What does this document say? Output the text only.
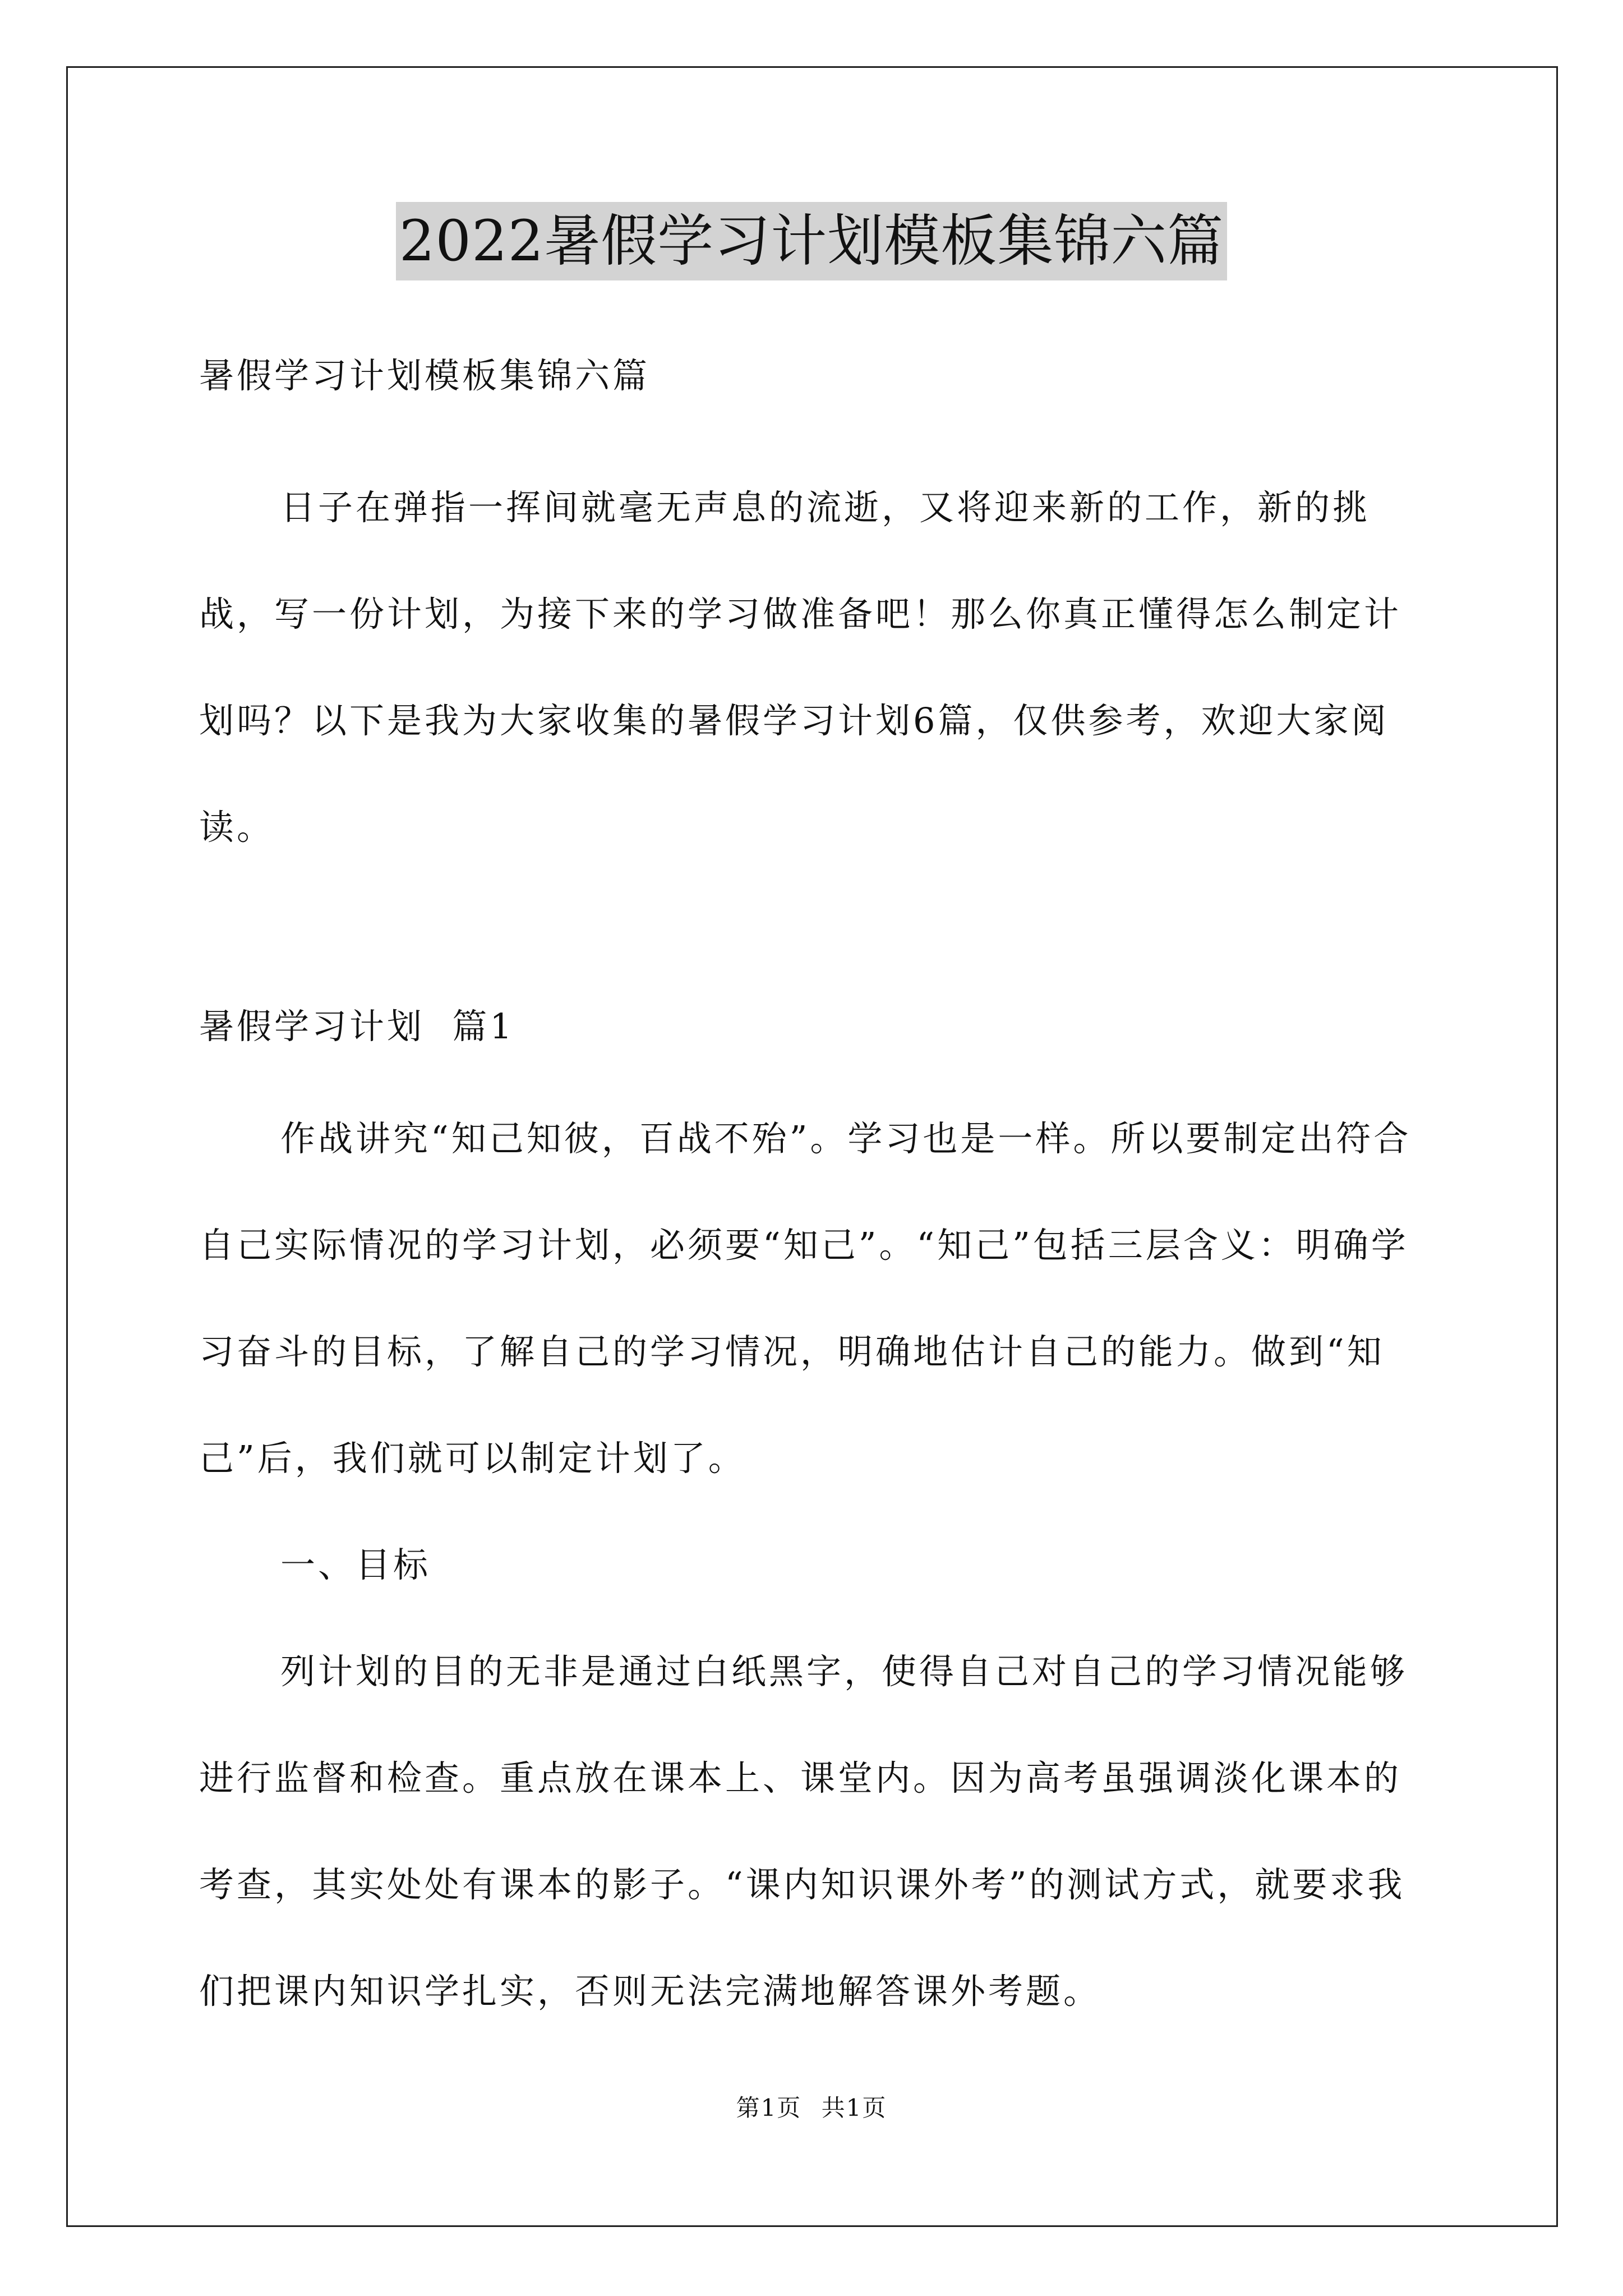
2022暑假学习计划模板集锦六篇
暑假学习计划模板集锦六篇

日子在弹指一挥间就毫无声息的流逝，又将迎来新的工作，新的挑战，写一份计划，为接下来的学习做准备吧！那么你真正懂得怎么制定计划吗？以下是我为大家收集的暑假学习计划6篇，仅供参考，欢迎大家阅读。

暑假学习计划  篇1

作战讲究“知己知彼，百战不殆”。学习也是一样。所以要制定出符合自己实际情况的学习计划，必须要“知己”。“知己”包括三层含义：明确学习奋斗的目标，了解自己的学习情况，明确地估计自己的能力。做到“知己”后，我们就可以制定计划了。

一、目标

列计划的目的无非是通过白纸黑字，使得自己对自己的学习情况能够进行监督和检查。重点放在课本上、课堂内。因为高考虽强调淡化课本的考查，其实处处有课本的影子。“课内知识课外考”的测试方式，就要求我们把课内知识学扎实，否则无法完满地解答课外考题。

第1页 共1页
